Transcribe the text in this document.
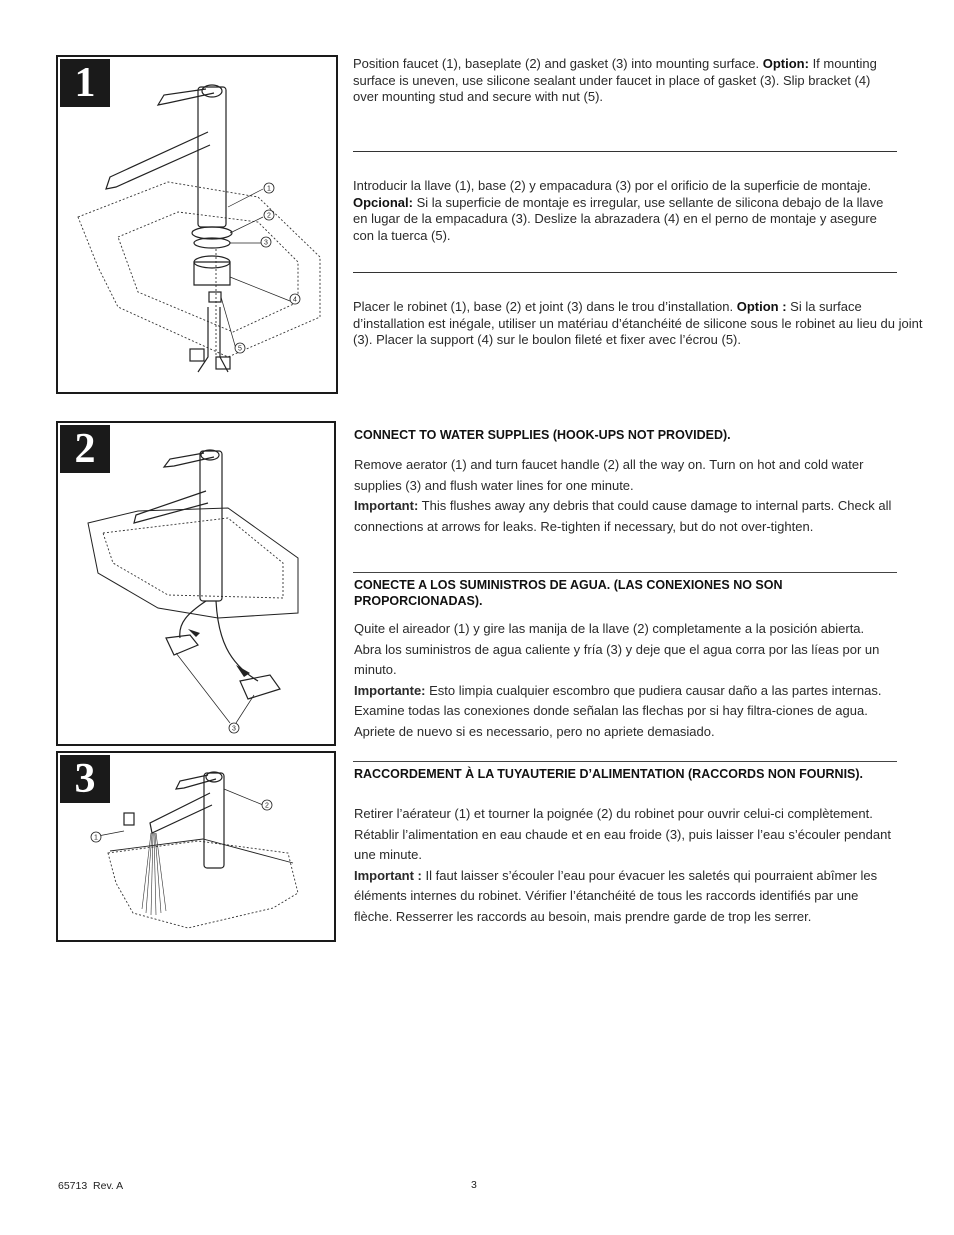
1
1
2
3
4
5
Position faucet (1), baseplate (2) and gasket (3) into mounting surface. Option: If mounting surface is uneven, use silicone sealant under faucet in place of gasket (3). Slip bracket (4) over mounting stud and secure with nut (5).
Introducir la llave (1), base (2) y empacadura (3) por el orificio de la superficie de montaje. Opcional: Si la superficie de montaje es irregular, use sellante de silicona debajo de la llave en lugar de la empacadura (3). Deslize la abrazadera (4) en el perno de montaje y asegure con la tuerca (5).
Placer le robinet (1), base (2) et joint (3) dans le trou d’installation. Option : Si la surface d’installation est inégale, utiliser un matériau d’étanchéité de silicone sous le robinet au lieu du joint (3). Placer la support (4) sur le boulon fileté et fixer avec l’écrou (5).
2
3
CONNECT TO WATER SUPPLIES (HOOK-UPS NOT PROVIDED).
Remove aerator (1) and turn faucet handle (2) all the way on. Turn on hot and cold water supplies (3) and flush water lines for one minute.
Important: This flushes away any debris that could cause damage to internal parts. Check all connections at arrows for leaks. Re-tighten if necessary, but do not over-tighten.
CONECTE A LOS SUMINISTROS DE AGUA. (LAS CONEXIONES NO SON PROPORCIONADAS).
Quite el aireador (1) y gire las manija de la llave (2) completamente a la posición abierta. Abra los suministros de agua caliente y fría (3) y deje que el agua corra por las líeas por un minuto.
Importante: Esto limpia cualquier escombro que pudiera causar daño a las partes internas. Examine todas las conexiones donde señalan las flechas por si hay filtra-ciones de agua. Apriete de nuevo si es necessario, pero no apriete demasiado.
3
1
2
RACCORDEMENT À LA TUYAUTERIE D’ALIMENTATION (RACCORDS NON FOURNIS).
Retirer l’aérateur (1) et tourner la poignée (2) du robinet pour ouvrir celui-ci complètement. Rétablir l’alimentation en eau chaude et en eau froide (3), puis laisser l’eau s’écouler pendant une minute.
Important : Il faut laisser s’écouler l’eau pour évacuer les saletés qui pourraient abîmer les éléments internes du robinet. Vérifier l’étanchéité de tous les raccords identifiés par une flèche. Resserrer les raccords au besoin, mais prendre garde de trop les serrer.
65713  Rev. A	3
